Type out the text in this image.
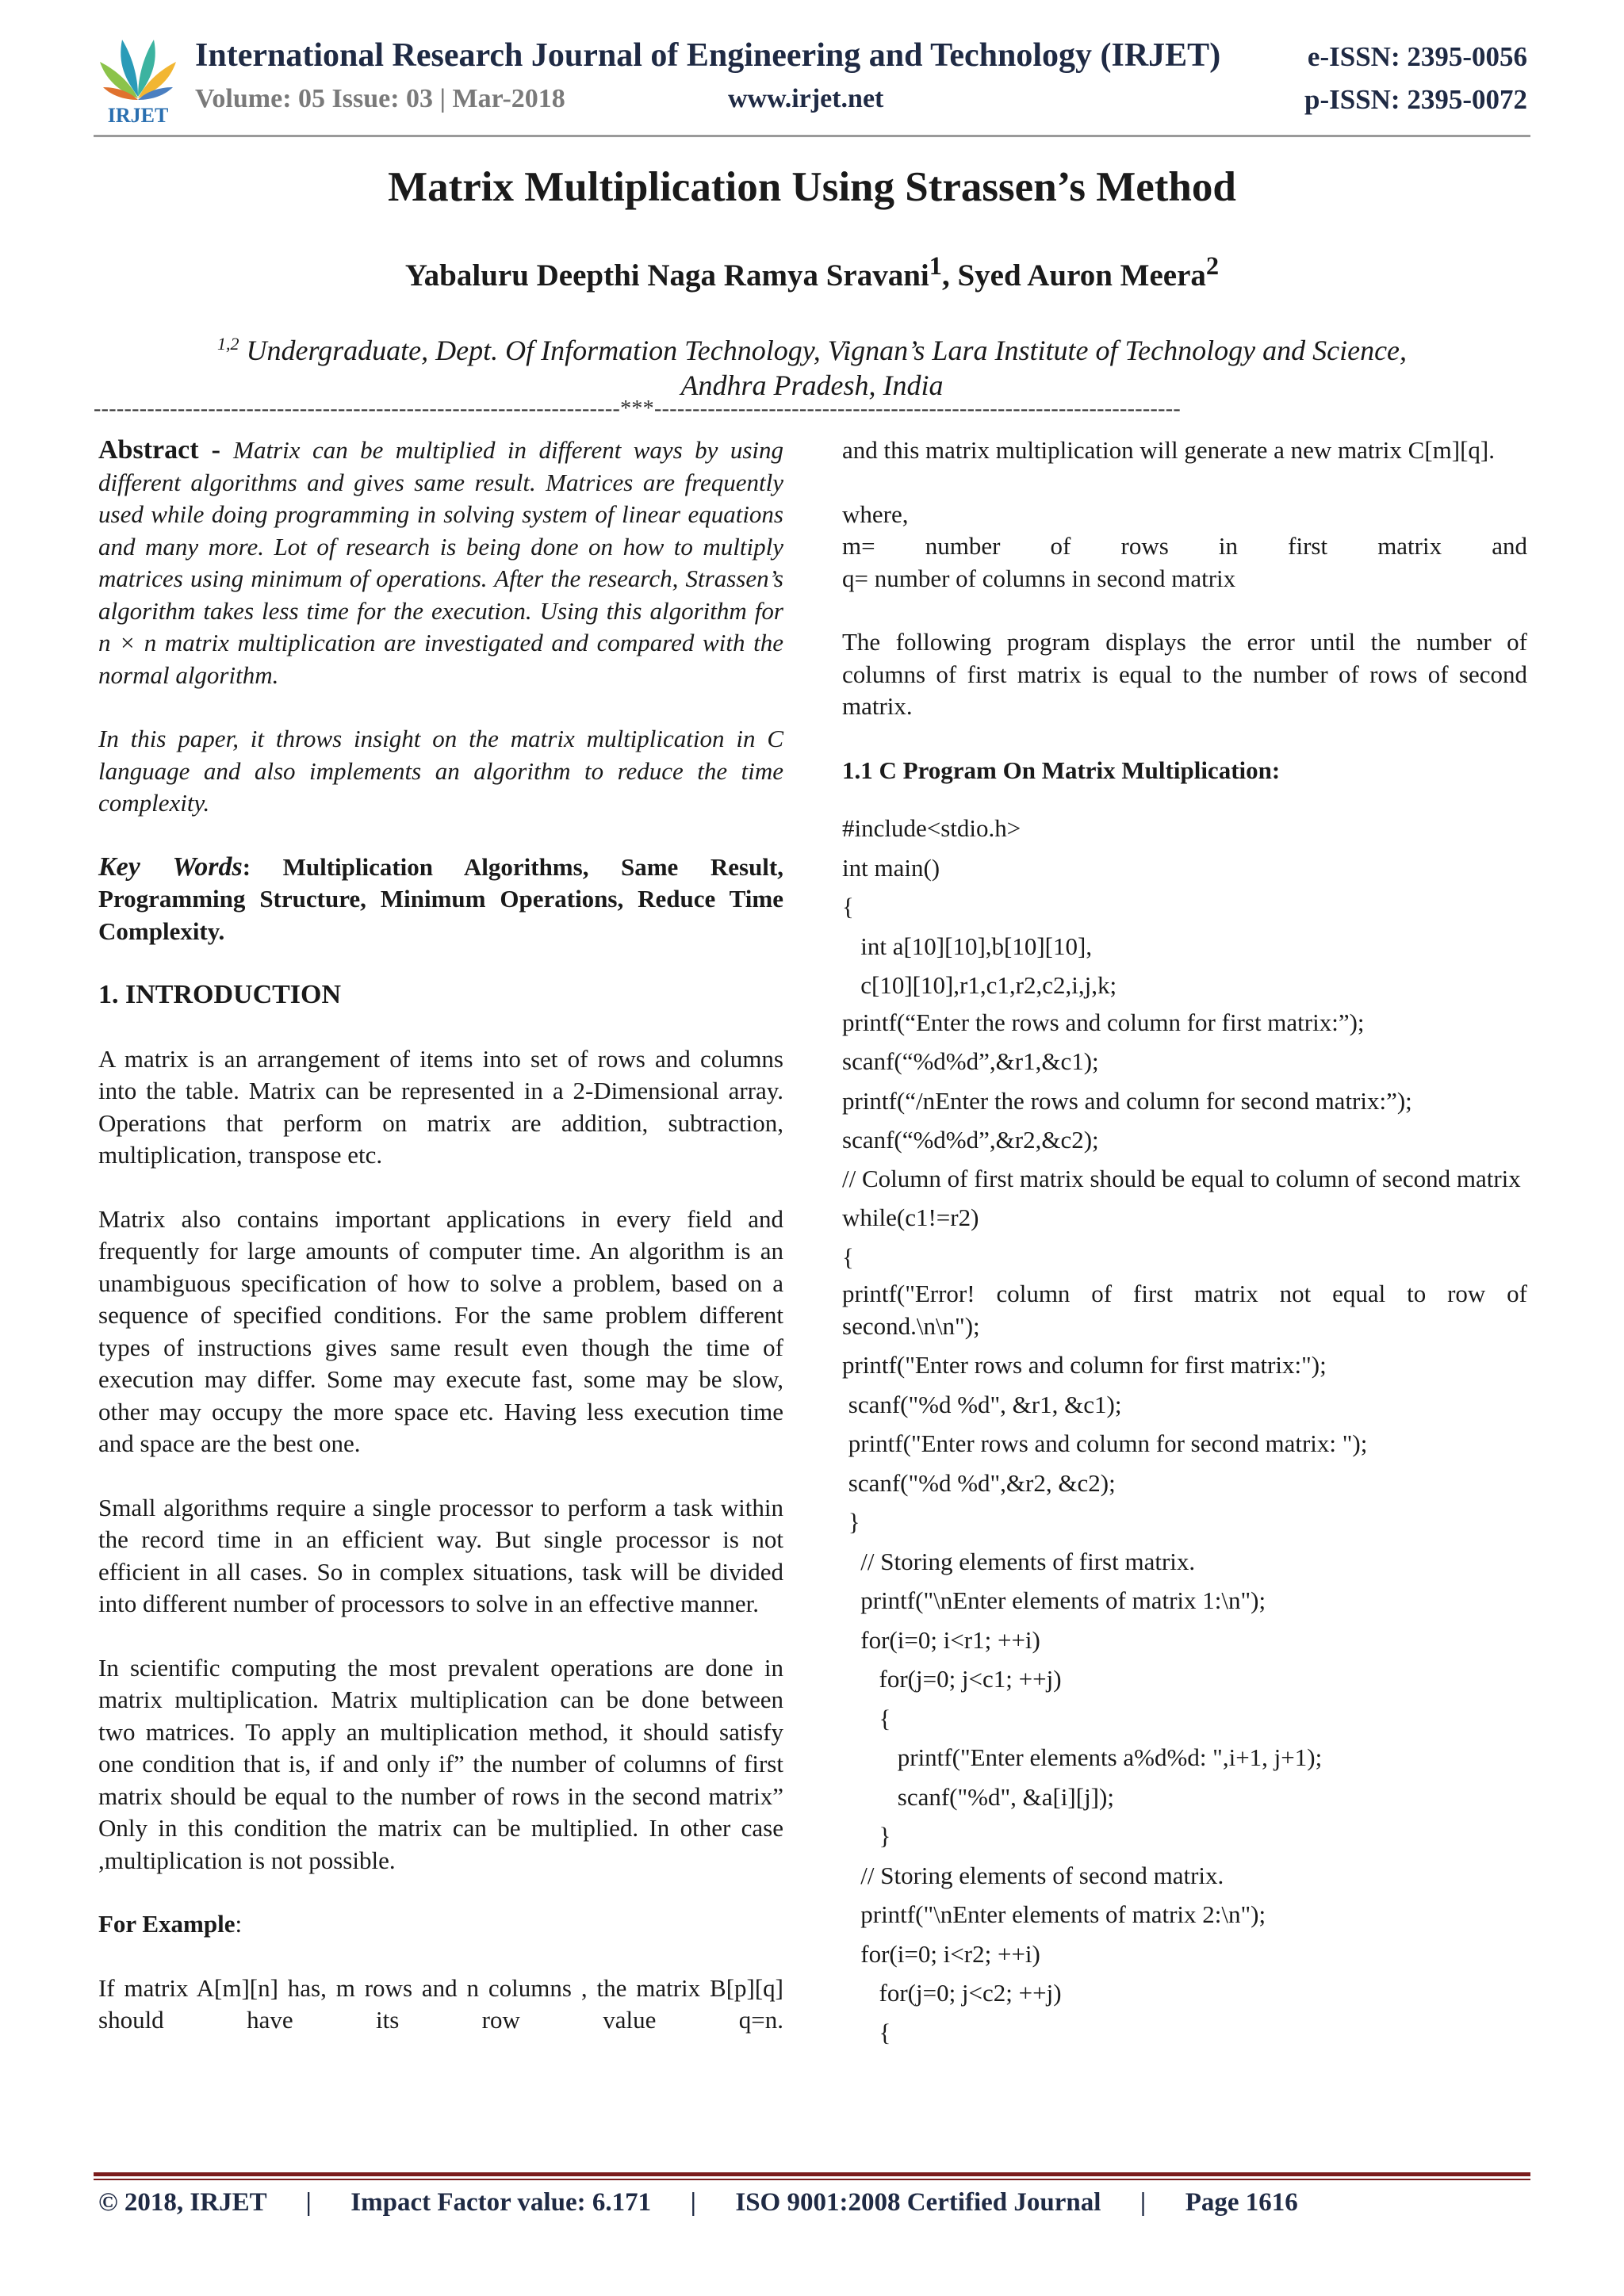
IRJET
International Research Journal of Engineering and Technology (IRJET)	e-ISSN: 2395-0056
Volume: 05 Issue: 03 | Mar-2018	www.irjet.net	p-ISSN: 2395-0072
Matrix Multiplication Using Strassen’s Method
Yabaluru Deepthi Naga Ramya Sravani$^1$, Syed Auron Meera$^2$
$^{1,2}$ Undergraduate, Dept. Of Information Technology, Vignan’s Lara Institute of Technology and Science,
Andhra Pradesh, India
---------------------------------------------------------------------***---------------------------------------------------------------------

Abstract - Matrix can be multiplied in different ways by using different algorithms and gives same result. Matrices are frequently used while doing programming in solving system of linear equations and many more. Lot of research is being done on how to multiply matrices using minimum of operations. After the research, Strassen’s algorithm takes less time for the execution. Using this algorithm for n × n matrix multiplication are investigated and compared with the normal algorithm.

In this paper, it throws insight on the matrix multiplication in C language and also implements an algorithm to reduce the time complexity.

Key Words: Multiplication Algorithms, Same Result, Programming Structure, Minimum Operations, Reduce Time Complexity.

1. INTRODUCTION

A matrix is an arrangement of items into set of rows and columns into the table. Matrix can be represented in a 2-Dimensional array. Operations that perform on matrix are addition, subtraction, multiplication, transpose etc.

Matrix also contains important applications in every field and frequently for large amounts of computer time. An algorithm is an unambiguous specification of how to solve a problem, based on a sequence of specified conditions. For the same problem different types of instructions gives same result even though the time of execution may differ. Some may execute fast, some may be slow, other may occupy the more space etc. Having less execution time and space are the best one.

Small algorithms require a single processor to perform a task within the record time in an efficient way. But single processor is not efficient in all cases. So in complex situations, task will be divided into different number of processors to solve in an effective manner.

In scientific computing the most prevalent operations are done in matrix multiplication. Matrix multiplication can be done between two matrices. To apply an multiplication method, it should satisfy one condition that is, if and only if” the number of columns of first matrix should be equal to the number of rows in the second matrix” Only in this condition the matrix can be multiplied. In other case ,multiplication is not possible.

For Example:

If matrix A[m][n] has, m rows and n columns , the matrix B[p][q] should have its row value q=n.

and this matrix multiplication will generate a new matrix C[m][q].

where,

m= number of rows in first matrix and

q= number of columns in second matrix

The following program displays the error until the number of columns of first matrix is equal to the number of rows of second matrix.

1.1 C Program On Matrix Multiplication:

#include<stdio.h>
int main()
{
int a[10][10],b[10][10],
c[10][10],r1,c1,r2,c2,i,j,k;

printf(“Enter the rows and column for first matrix:”);

scanf(“%d%d”,&r1,&c1);
printf(“/nEnter the rows and column for second matrix:”);
scanf(“%d%d”,&r2,&c2);

// Column of first matrix should be equal to column of second matrix

while(c1!=r2)
{

printf("Error! column of first matrix not equal to row of second.\n\n");

printf("Enter rows and column for first matrix:");
scanf("%d %d", &r1, &c1);
printf("Enter rows and column for second matrix: ");
scanf("%d %d",&r2, &c2);
}
// Storing elements of first matrix.
printf("\nEnter elements of matrix 1:\n");
for(i=0; i<r1; ++i)
for(j=0; j<c1; ++j)
{
printf("Enter elements a%d%d: ",i+1, j+1);
scanf("%d", &a[i][j]);
}
// Storing elements of second matrix.
printf("\nEnter elements of matrix 2:\n");
for(i=0; i<r2; ++i)
for(j=0; j<c2; ++j)
{
© 2018, IRJET      |      Impact Factor value: 6.171      |      ISO 9001:2008 Certified Journal      |      Page 1616
